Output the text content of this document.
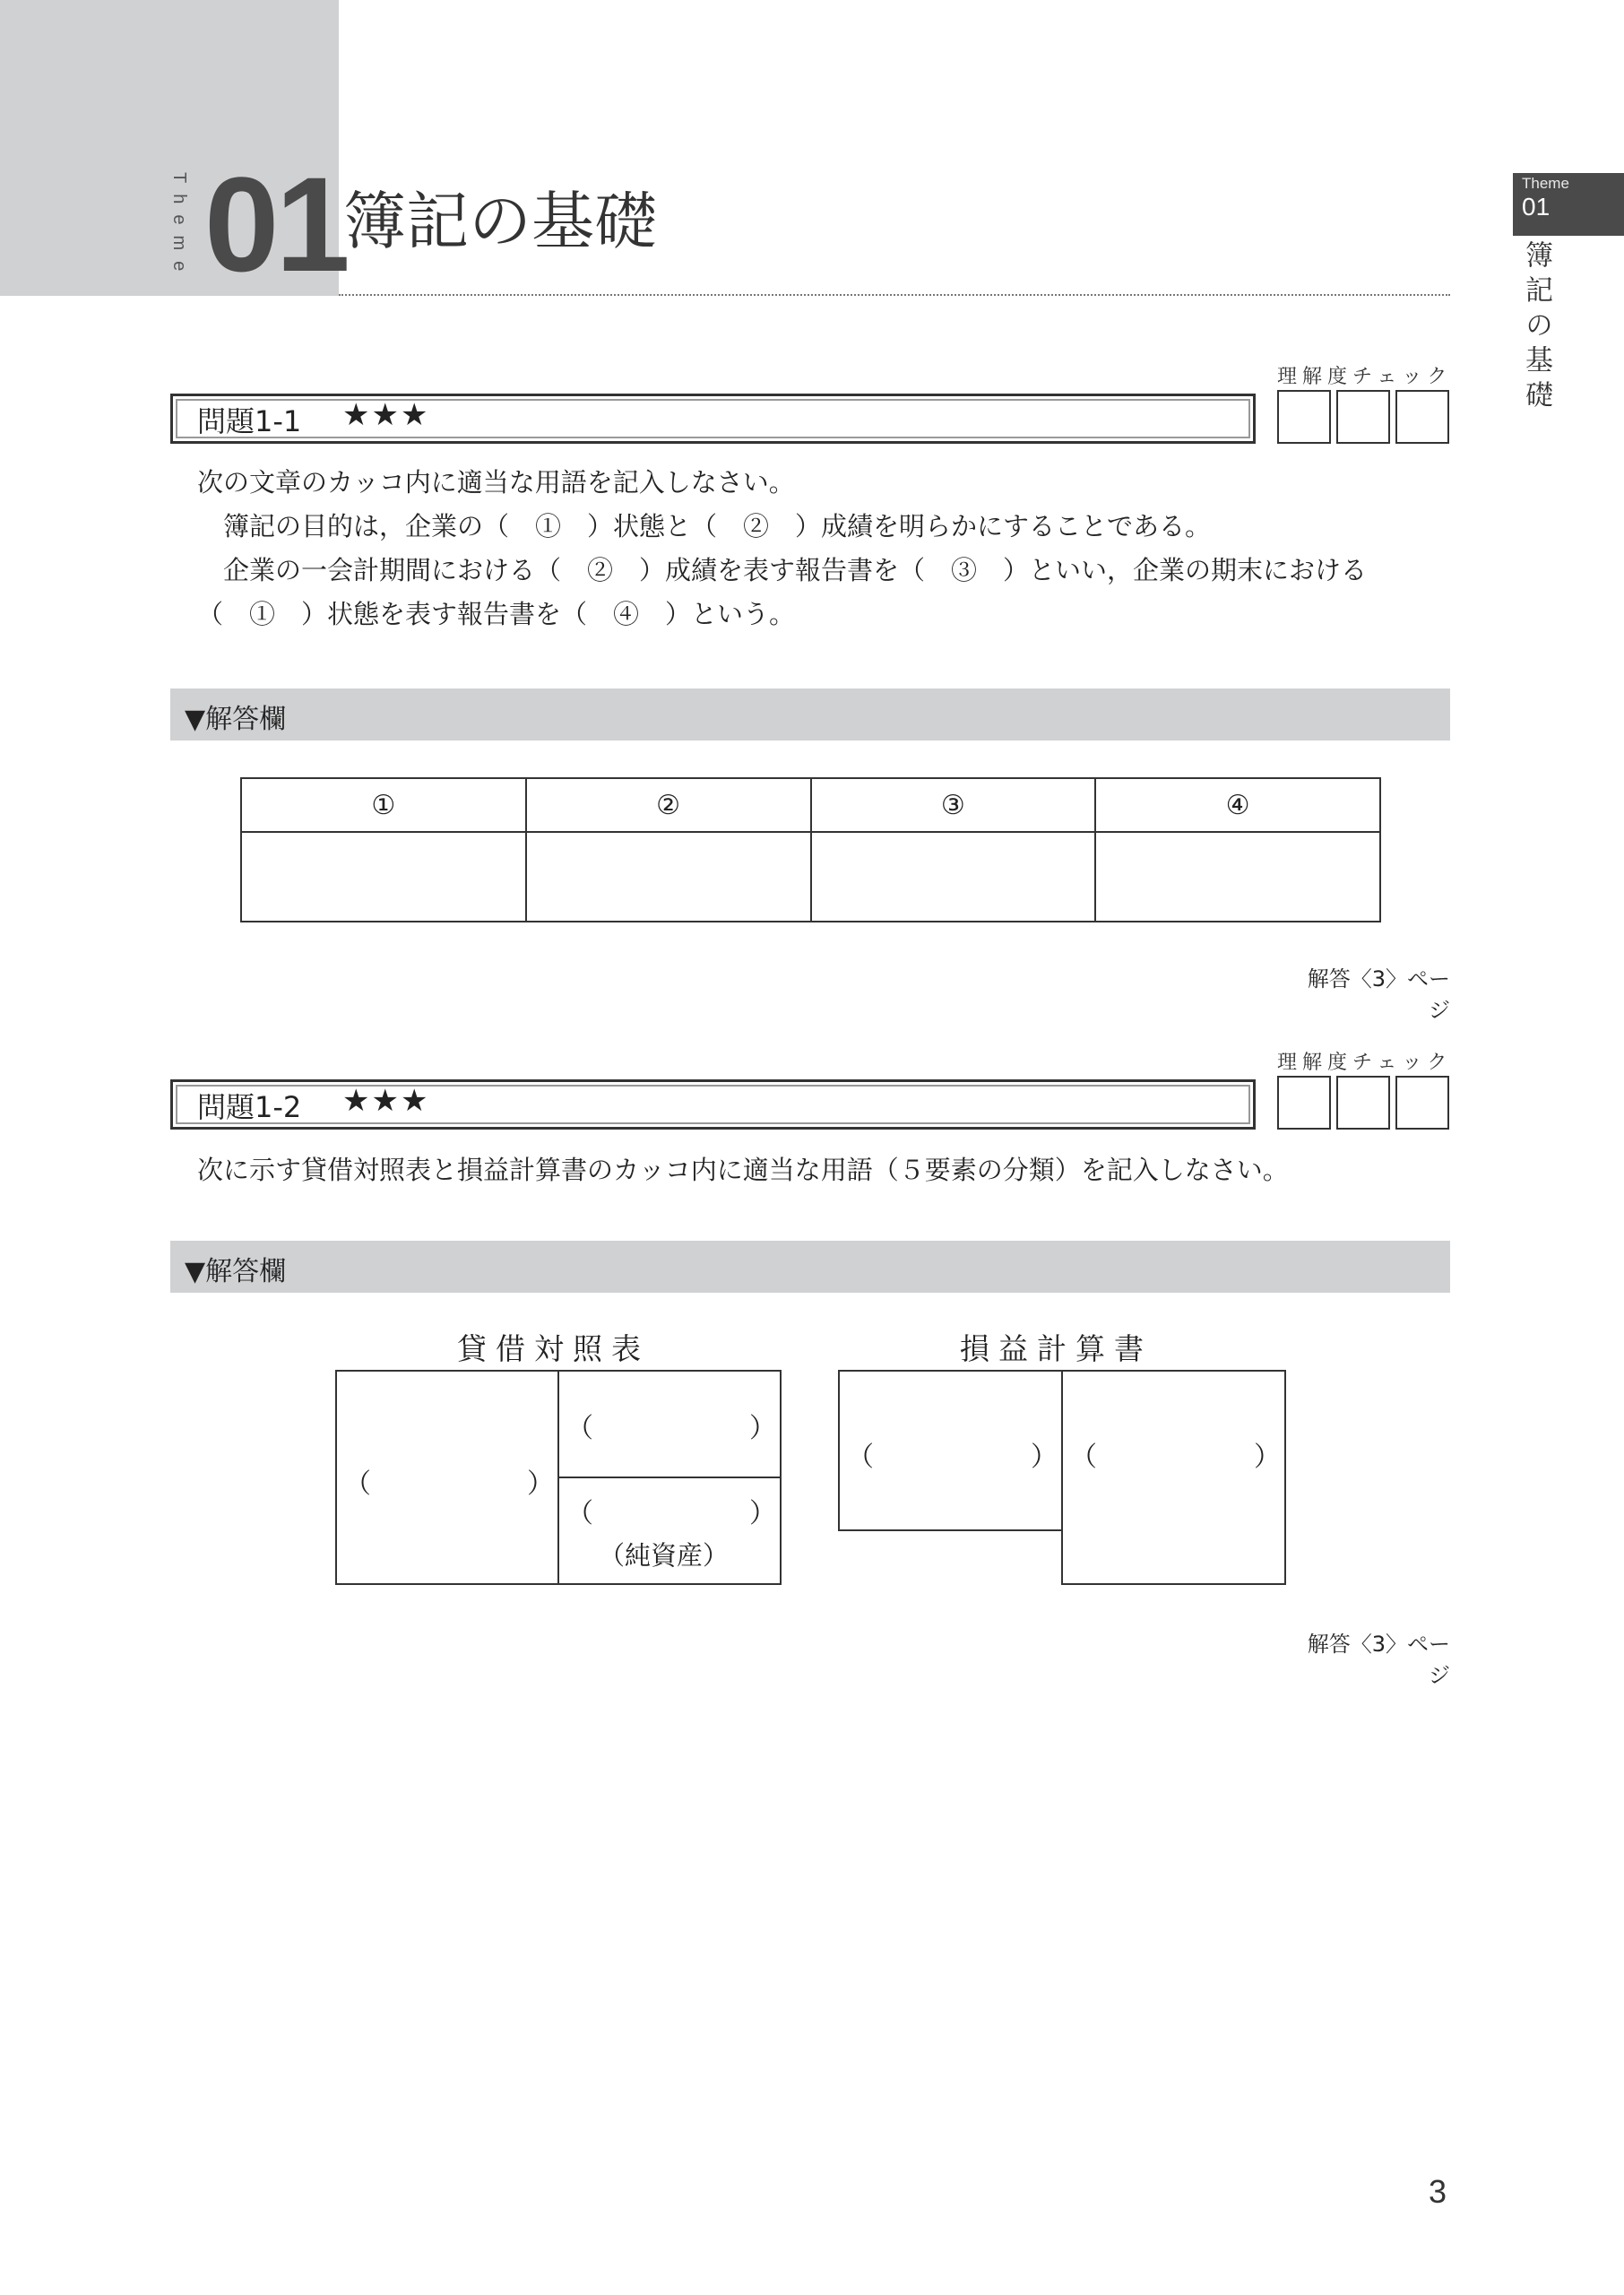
Theme 01
簿記の基礎
Theme
01
簿記の基礎
理解度チェック
問題1-1 ★★★
次の文章のカッコ内に適当な用語を記入しなさい。
　簿記の目的は，企業の（　①　）状態と（　②　）成績を明らかにすることである。
　企業の一会計期間における（　②　）成績を表す報告書を（　③　）といい，企業の期末における
（　①　）状態を表す報告書を（　④　）という。
▼解答欄
①	②	③	④

解答〈3〉ページ
理解度チェック
問題1-2 ★★★
次に示す貸借対照表と損益計算書のカッコ内に適当な用語（５要素の分類）を記入しなさい。
▼解答欄
貸借対照表
（	）
（	）
（	）
（純資産）
損益計算書
（	） （	）
解答〈3〉ページ
3
